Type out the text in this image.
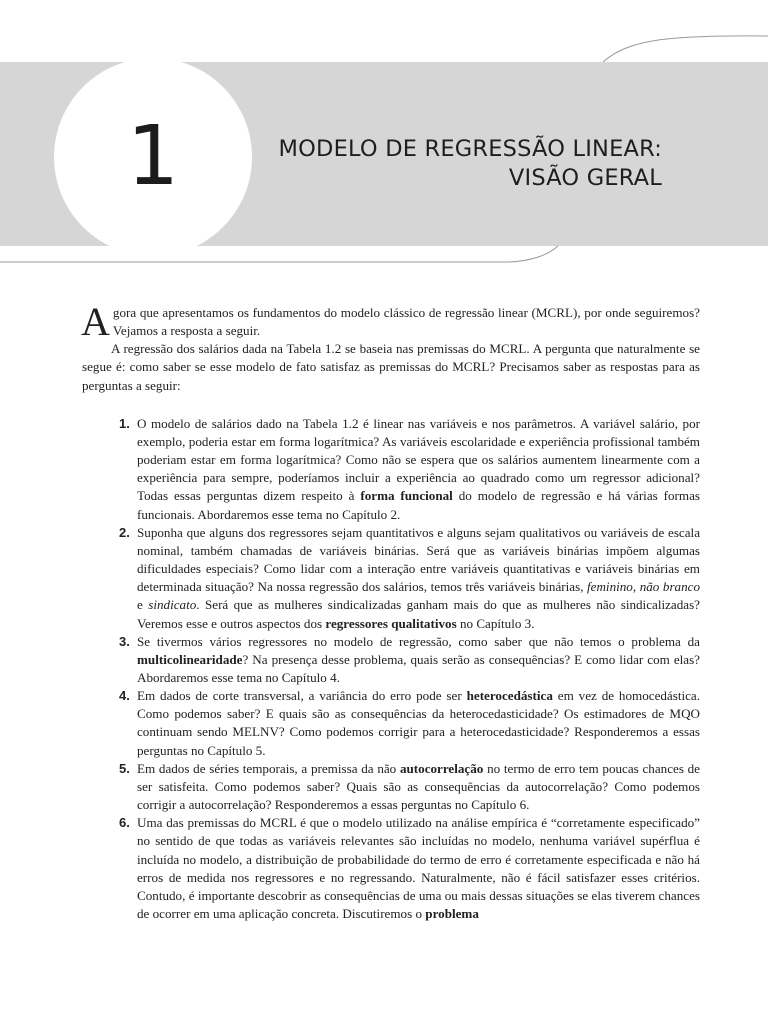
1	MODELO DE REGRESSÃO LINEAR:
VISÃO GERAL

Agora que apresentamos os fundamentos do modelo clássico de regressão linear (MCRL), por onde seguiremos? Vejamos a resposta a seguir.

A regressão dos salários dada na Tabela 1.2 se baseia nas premissas do MCRL. A pergunta que naturalmente se segue é: como saber se esse modelo de fato satisfaz as premissas do MCRL? Precisamos saber as respostas para as perguntas a seguir:

1. O modelo de salários dado na Tabela 1.2 é linear nas variáveis e nos parâmetros. A variável salário, por exemplo, poderia estar em forma logarítmica? As variáveis escolaridade e experiência profissional também poderiam estar em forma logarítmica? Como não se espera que os salários aumentem linearmente com a experiência para sempre, poderíamos incluir a experiência ao quadrado como um regressor adicional? Todas essas perguntas dizem respeito à forma funcional do modelo de regressão e há várias formas funcionais. Abordaremos esse tema no Capítulo 2.
2. Suponha que alguns dos regressores sejam quantitativos e alguns sejam qualitativos ou variáveis de escala nominal, também chamadas de variáveis binárias. Será que as variáveis binárias impõem algumas dificuldades especiais? Como lidar com a interação entre variáveis quantitativas e variáveis binárias em determinada situação? Na nossa regressão dos salários, temos três variáveis binárias, feminino, não branco e sindicato. Será que as mulheres sindicalizadas ganham mais do que as mulheres não sindicalizadas? Veremos esse e outros aspectos dos regressores qualitativos no Capítulo 3.
3. Se tivermos vários regressores no modelo de regressão, como saber que não temos o problema da multicolinearidade? Na presença desse problema, quais serão as consequências? E como lidar com elas? Abordaremos esse tema no Capítulo 4.
4. Em dados de corte transversal, a variância do erro pode ser heterocedástica em vez de homocedástica. Como podemos saber? E quais são as consequências da heterocedasticidade? Os estimadores de MQO continuam sendo MELNV? Como podemos corrigir para a heterocedasticidade? Responderemos a essas perguntas no Capítulo 5.
5. Em dados de séries temporais, a premissa da não autocorrelação no termo de erro tem poucas chances de ser satisfeita. Como podemos saber? Quais são as consequências da autocorrelação? Como podemos corrigir a autocorrelação? Responderemos a essas perguntas no Capítulo 6.
6. Uma das premissas do MCRL é que o modelo utilizado na análise empírica é “corretamente especificado” no sentido de que todas as variáveis relevantes são incluídas no modelo, nenhuma variável supérflua é incluída no modelo, a distribuição de probabilidade do termo de erro é corretamente especificada e não há erros de medida nos regressores e no regressando. Naturalmente, não é fácil satisfazer esses critérios. Contudo, é importante descobrir as consequências de uma ou mais dessas situações se elas tiverem chances de ocorrer em uma aplicação concreta. Discutiremos o problema
